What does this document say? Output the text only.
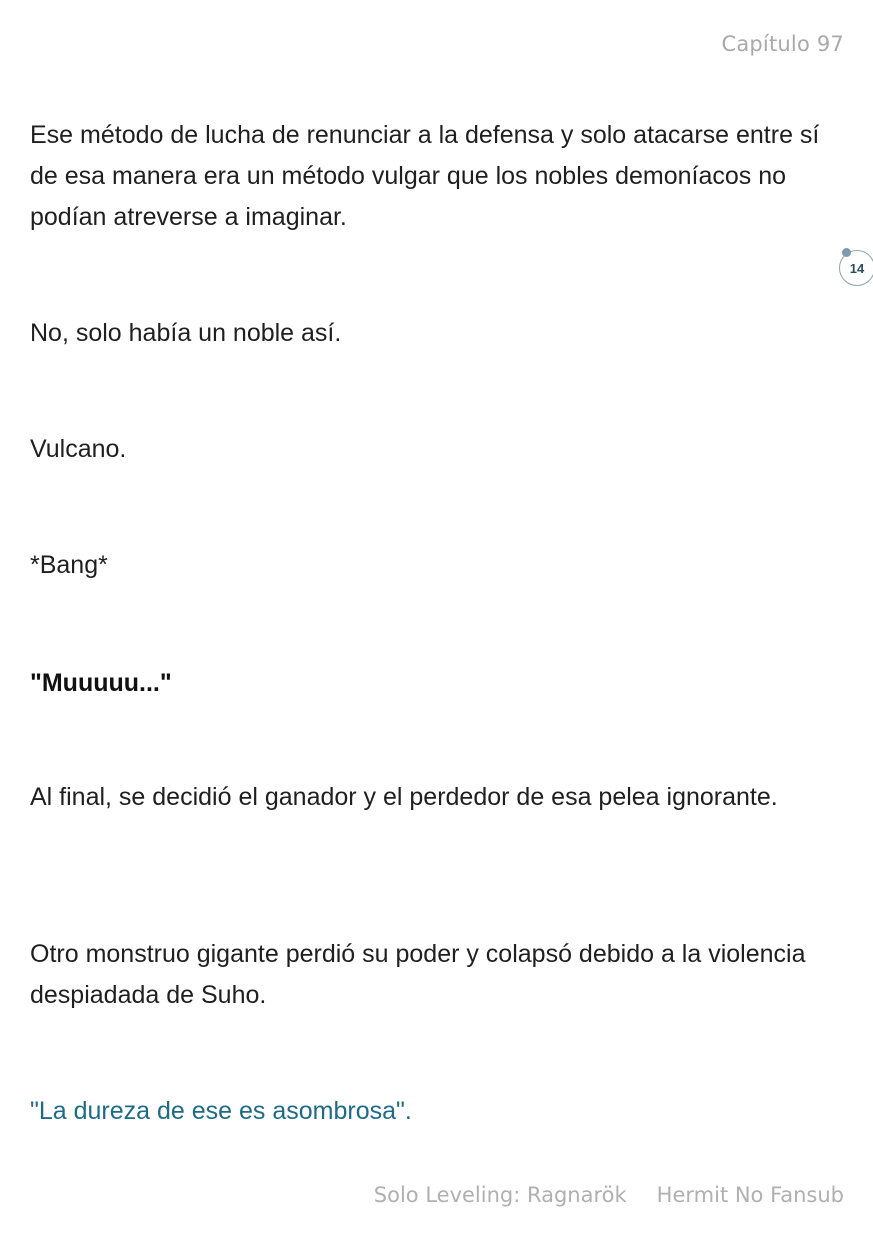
Capítulo 97

Ese método de lucha de renunciar a la defensa y solo atacarse entre sí de esa manera era un método vulgar que los nobles demoníacos no podían atreverse a imaginar.

No, solo había un noble así.

Vulcano.

*Bang*

"Muuuuu..."

Al final, se decidió el ganador y el perdedor de esa pelea ignorante.

Otro monstruo gigante perdió su poder y colapsó debido a la violencia despiadada de Suho.

"La dureza de ese es asombrosa".

14
Solo Leveling: Ragnarök Hermit No Fansub
